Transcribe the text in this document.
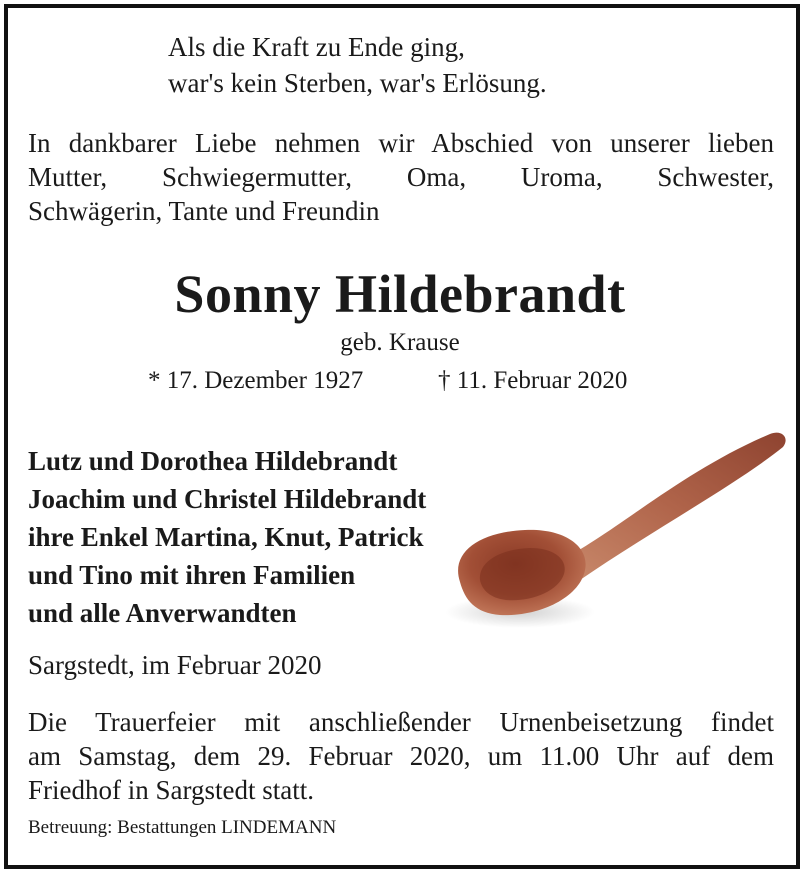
Als die Kraft zu Ende ging,
war's kein Sterben, war's Erlösung.
In dankbarer Liebe nehmen wir Abschied von unserer lieben
Mutter, Schwiegermutter, Oma, Uroma, Schwester,
Schwägerin, Tante und Freundin
Sonny Hildebrandt
geb. Krause
* 17. Dezember 1927	† 11. Februar 2020
Lutz und Dorothea Hildebrandt
Joachim und Christel Hildebrandt
ihre Enkel Martina, Knut, Patrick
und Tino mit ihren Familien
und alle Anverwandten
Sargstedt, im Februar 2020
Die Trauerfeier mit anschließender Urnenbeisetzung findet
am Samstag, dem 29. Februar 2020, um 11.00 Uhr auf dem
Friedhof in Sargstedt statt.
Betreuung: Bestattungen LINDEMANN
